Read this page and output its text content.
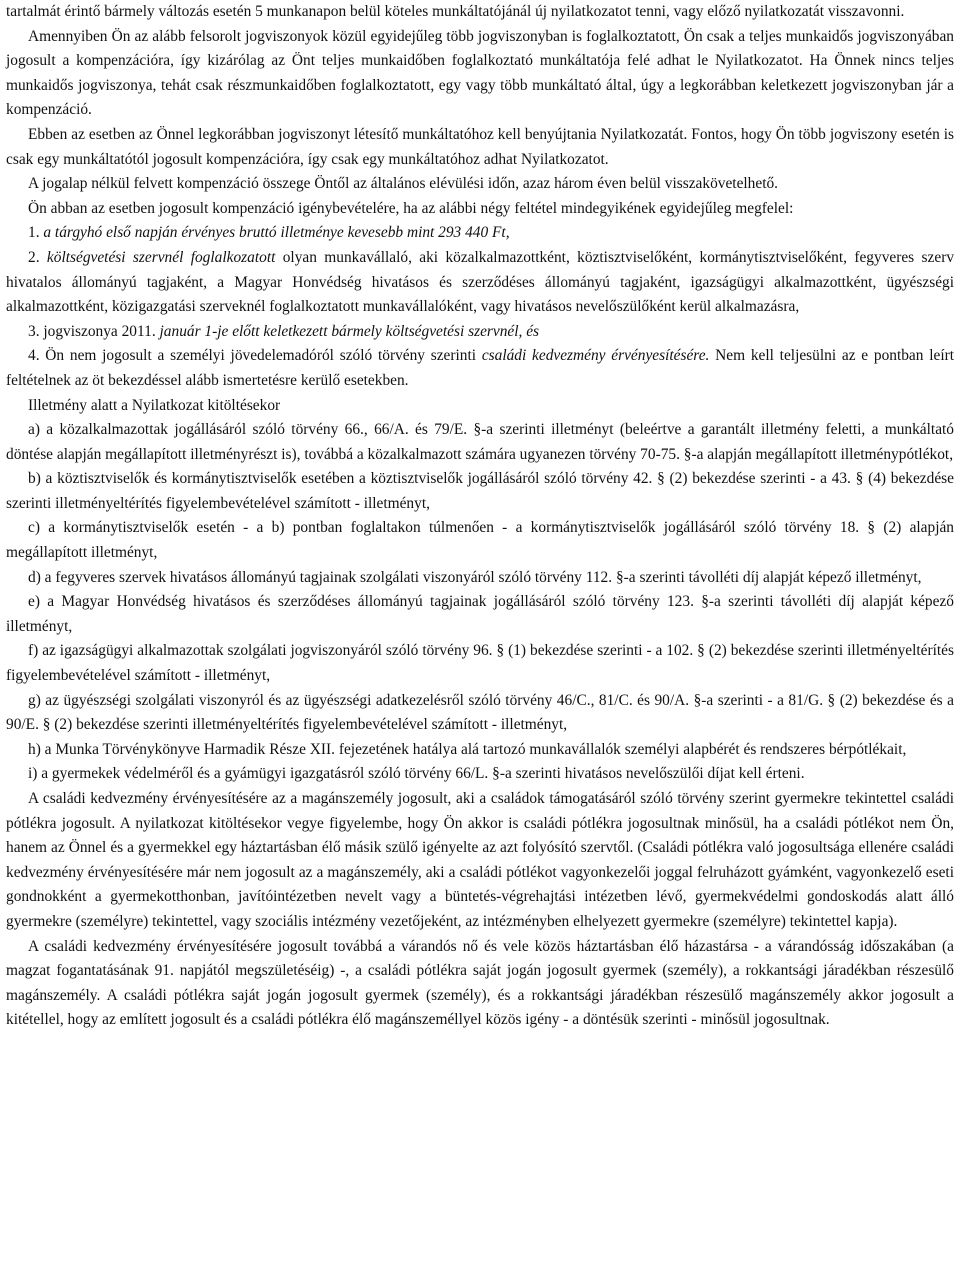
tartalmát érintő bármely változás esetén 5 munkanapon belül köteles munkáltatójánál új nyilatkozatot tenni, vagy előző nyilatkozatát visszavonni.

Amennyiben Ön az alább felsorolt jogviszonyok közül egyidejűleg több jogviszonyban is foglalkoztatott, Ön csak a teljes munkaidős jogviszonyában jogosult a kompenzációra, így kizárólag az Önt teljes munkaidőben foglalkoztató munkáltatója felé adhat le Nyilatkozatot. Ha Önnek nincs teljes munkaidős jogviszonya, tehát csak részmunkaidőben foglalkoztatott, egy vagy több munkáltató által, úgy a legkorábban keletkezett jogviszonyban jár a kompenzáció.

Ebben az esetben az Önnel legkorábban jogviszonyt létesítő munkáltatóhoz kell benyújtania Nyilatkozatát. Fontos, hogy Ön több jogviszony esetén is csak egy munkáltatótól jogosult kompenzációra, így csak egy munkáltatóhoz adhat Nyilatkozatot.

A jogalap nélkül felvett kompenzáció összege Öntől az általános elévülési időn, azaz három éven belül visszakövetelhető.

Ön abban az esetben jogosult kompenzáció igénybevételére, ha az alábbi négy feltétel mindegyikének egyidejűleg megfelel:

1. a tárgyhó első napján érvényes bruttó illetménye kevesebb mint 293 440 Ft,

2. költségvetési szervnél foglalkozatott olyan munkavállaló, aki közalkalmazottként, köztisztviselőként, kormánytisztviselőként, fegyveres szerv hivatalos állományú tagjaként, a Magyar Honvédség hivatásos és szerződéses állományú tagjaként, igazságügyi alkalmazottként, ügyészségi alkalmazottként, közigazgatási szerveknél foglalkoztatott munkavállalóként, vagy hivatásos nevelőszülőként kerül alkalmazásra,

3. jogviszonya 2011. január 1-je előtt keletkezett bármely költségvetési szervnél, és

4. Ön nem jogosult a személyi jövedelemadóról szóló törvény szerinti családi kedvezmény érvényesítésére. Nem kell teljesülni az e pontban leírt feltételnek az öt bekezdéssel alább ismertetésre kerülő esetekben.

Illetmény alatt a Nyilatkozat kitöltésekor

a) a közalkalmazottak jogállásáról szóló törvény 66., 66/A. és 79/E. §-a szerinti illetményt (beleértve a garantált illetmény feletti, a munkáltató döntése alapján megállapított illetményrészt is), továbbá a közalkalmazott számára ugyanezen törvény 70-75. §-a alapján megállapított illetménypótlékot,

b) a köztisztviselők és kormánytisztviselők esetében a köztisztviselők jogállásáról szóló törvény 42. § (2) bekezdése szerinti - a 43. § (4) bekezdése szerinti illetményeltérítés figyelembevételével számított - illetményt,

c) a kormánytisztviselők esetén - a b) pontban foglaltakon túlmenően - a kormánytisztviselők jogállásáról szóló törvény 18. § (2) alapján megállapított illetményt,

d) a fegyveres szervek hivatásos állományú tagjainak szolgálati viszonyáról szóló törvény 112. §-a szerinti távolléti díj alapját képező illetményt,

e) a Magyar Honvédség hivatásos és szerződéses állományú tagjainak jogállásáról szóló törvény 123. §-a szerinti távolléti díj alapját képező illetményt,

f) az igazságügyi alkalmazottak szolgálati jogviszonyáról szóló törvény 96. § (1) bekezdése szerinti - a 102. § (2) bekezdése szerinti illetményeltérítés figyelembevételével számított - illetményt,

g) az ügyészségi szolgálati viszonyról és az ügyészségi adatkezelésről szóló törvény 46/C., 81/C. és 90/A. §-a szerinti - a 81/G. § (2) bekezdése és a 90/E. § (2) bekezdése szerinti illetményeltérítés figyelembevételével számított - illetményt,

h) a Munka Törvénykönyve Harmadik Része XII. fejezetének hatálya alá tartozó munkavállalók személyi alapbérét és rendszeres bérpótlékait,

i) a gyermekek védelméről és a gyámügyi igazgatásról szóló törvény 66/L. §-a szerinti hivatásos nevelőszülői díjat kell érteni.

A családi kedvezmény érvényesítésére az a magánszemély jogosult, aki a családok támogatásáról szóló törvény szerint gyermekre tekintettel családi pótlékra jogosult. A nyilatkozat kitöltésekor vegye figyelembe, hogy Ön akkor is családi pótlékra jogosultnak minősül, ha a családi pótlékot nem Ön, hanem az Önnel és a gyermekkel egy háztartásban élő másik szülő igényelte az azt folyósító szervtől. (Családi pótlékra való jogosultsága ellenére családi kedvezmény érvényesítésére már nem jogosult az a magánszemély, aki a családi pótlékot vagyonkezelői joggal felruházott gyámként, vagyonkezelő eseti gondnokként a gyermekotthonban, javítóintézetben nevelt vagy a büntetés-végrehajtási intézetben lévő, gyermekvédelmi gondoskodás alatt álló gyermekre (személyre) tekintettel, vagy szociális intézmény vezetőjeként, az intézményben elhelyezett gyermekre (személyre) tekintettel kapja).

A családi kedvezmény érvényesítésére jogosult továbbá a várandós nő és vele közös háztartásban élő házastársa - a várandósság időszakában (a magzat fogantatásának 91. napjától megszületéséig) -, a családi pótlékra saját jogán jogosult gyermek (személy), a rokkantsági járadékban részesülő magánszemély. A családi pótlékra saját jogán jogosult gyermek (személy), és a rokkantsági járadékban részesülő magánszemély akkor jogosult a kitétellel, hogy az említett jogosult és a családi pótlékra élő magánszeméllyel közös igény - a döntésük szerinti - minősül jogosultnak.
